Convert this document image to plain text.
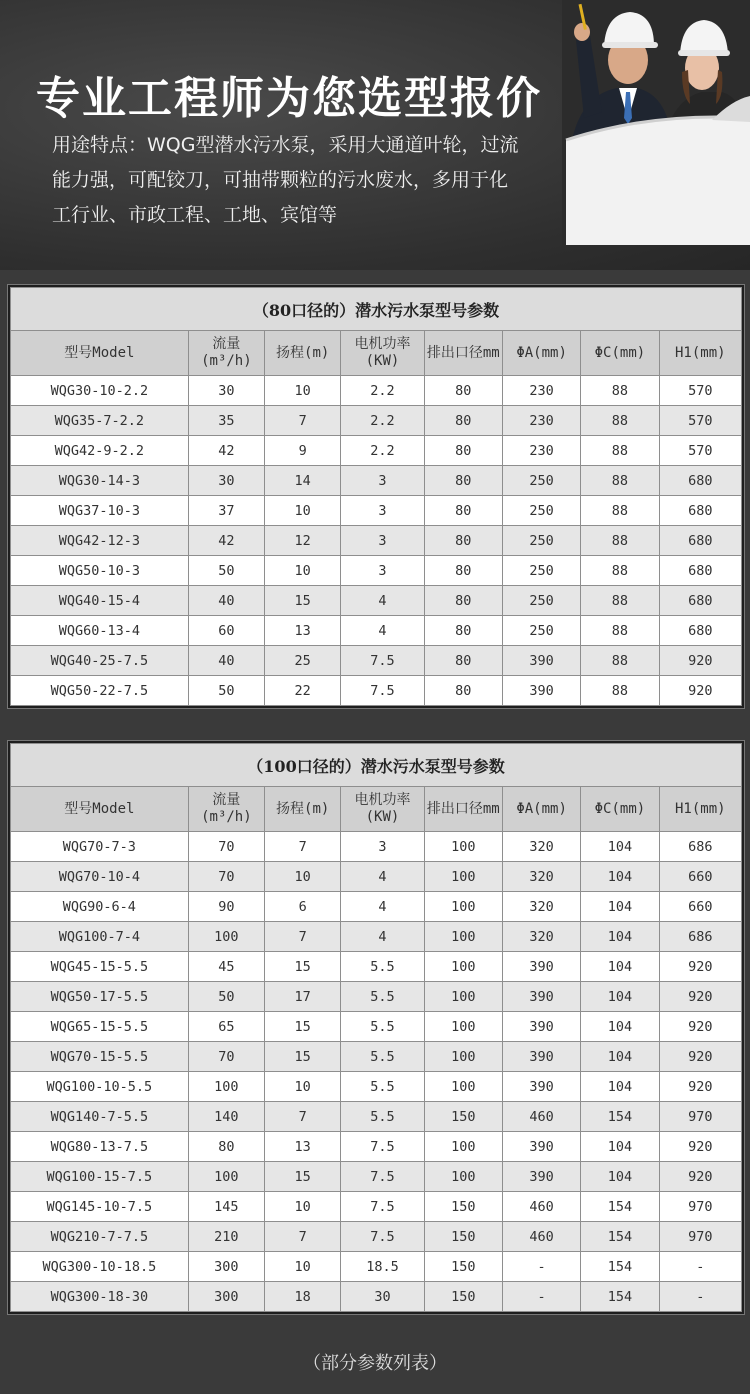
专业工程师为您选型报价

用途特点：WQG型潜水污水泵，采用大通道叶轮，过流

能力强，可配铰刀，可抽带颗粒的污水废水，多用于化

工行业、市政工程、工地、宾馆等

（80口径的）潜水污水泵型号参数							
型号Model	流量(m³/h)	扬程(m)	电机功率(KW)	排出口径mm	ΦA(mm)	ΦC(mm)	H1(mm)
WQG30-10-2.2	30	10	2.2	80	230	88	570
WQG35-7-2.2	35	7	2.2	80	230	88	570
WQG42-9-2.2	42	9	2.2	80	230	88	570
WQG30-14-3	30	14	3	80	250	88	680
WQG37-10-3	37	10	3	80	250	88	680
WQG42-12-3	42	12	3	80	250	88	680
WQG50-10-3	50	10	3	80	250	88	680
WQG40-15-4	40	15	4	80	250	88	680
WQG60-13-4	60	13	4	80	250	88	680
WQG40-25-7.5	40	25	7.5	80	390	88	920
WQG50-22-7.5	50	22	7.5	80	390	88	920
（100口径的）潜水污水泵型号参数							
型号Model	流量(m³/h)	扬程(m)	电机功率(KW)	排出口径mm	ΦA(mm)	ΦC(mm)	H1(mm)
WQG70-7-3	70	7	3	100	320	104	686
WQG70-10-4	70	10	4	100	320	104	660
WQG90-6-4	90	6	4	100	320	104	660
WQG100-7-4	100	7	4	100	320	104	686
WQG45-15-5.5	45	15	5.5	100	390	104	920
WQG50-17-5.5	50	17	5.5	100	390	104	920
WQG65-15-5.5	65	15	5.5	100	390	104	920
WQG70-15-5.5	70	15	5.5	100	390	104	920
WQG100-10-5.5	100	10	5.5	100	390	104	920
WQG140-7-5.5	140	7	5.5	150	460	154	970
WQG80-13-7.5	80	13	7.5	100	390	104	920
WQG100-15-7.5	100	15	7.5	100	390	104	920
WQG145-10-7.5	145	10	7.5	150	460	154	970
WQG210-7-7.5	210	7	7.5	150	460	154	970
WQG300-10-18.5	300	10	18.5	150	-	154	-
WQG300-18-30	300	18	30	150	-	154	-
（部分参数列表）
